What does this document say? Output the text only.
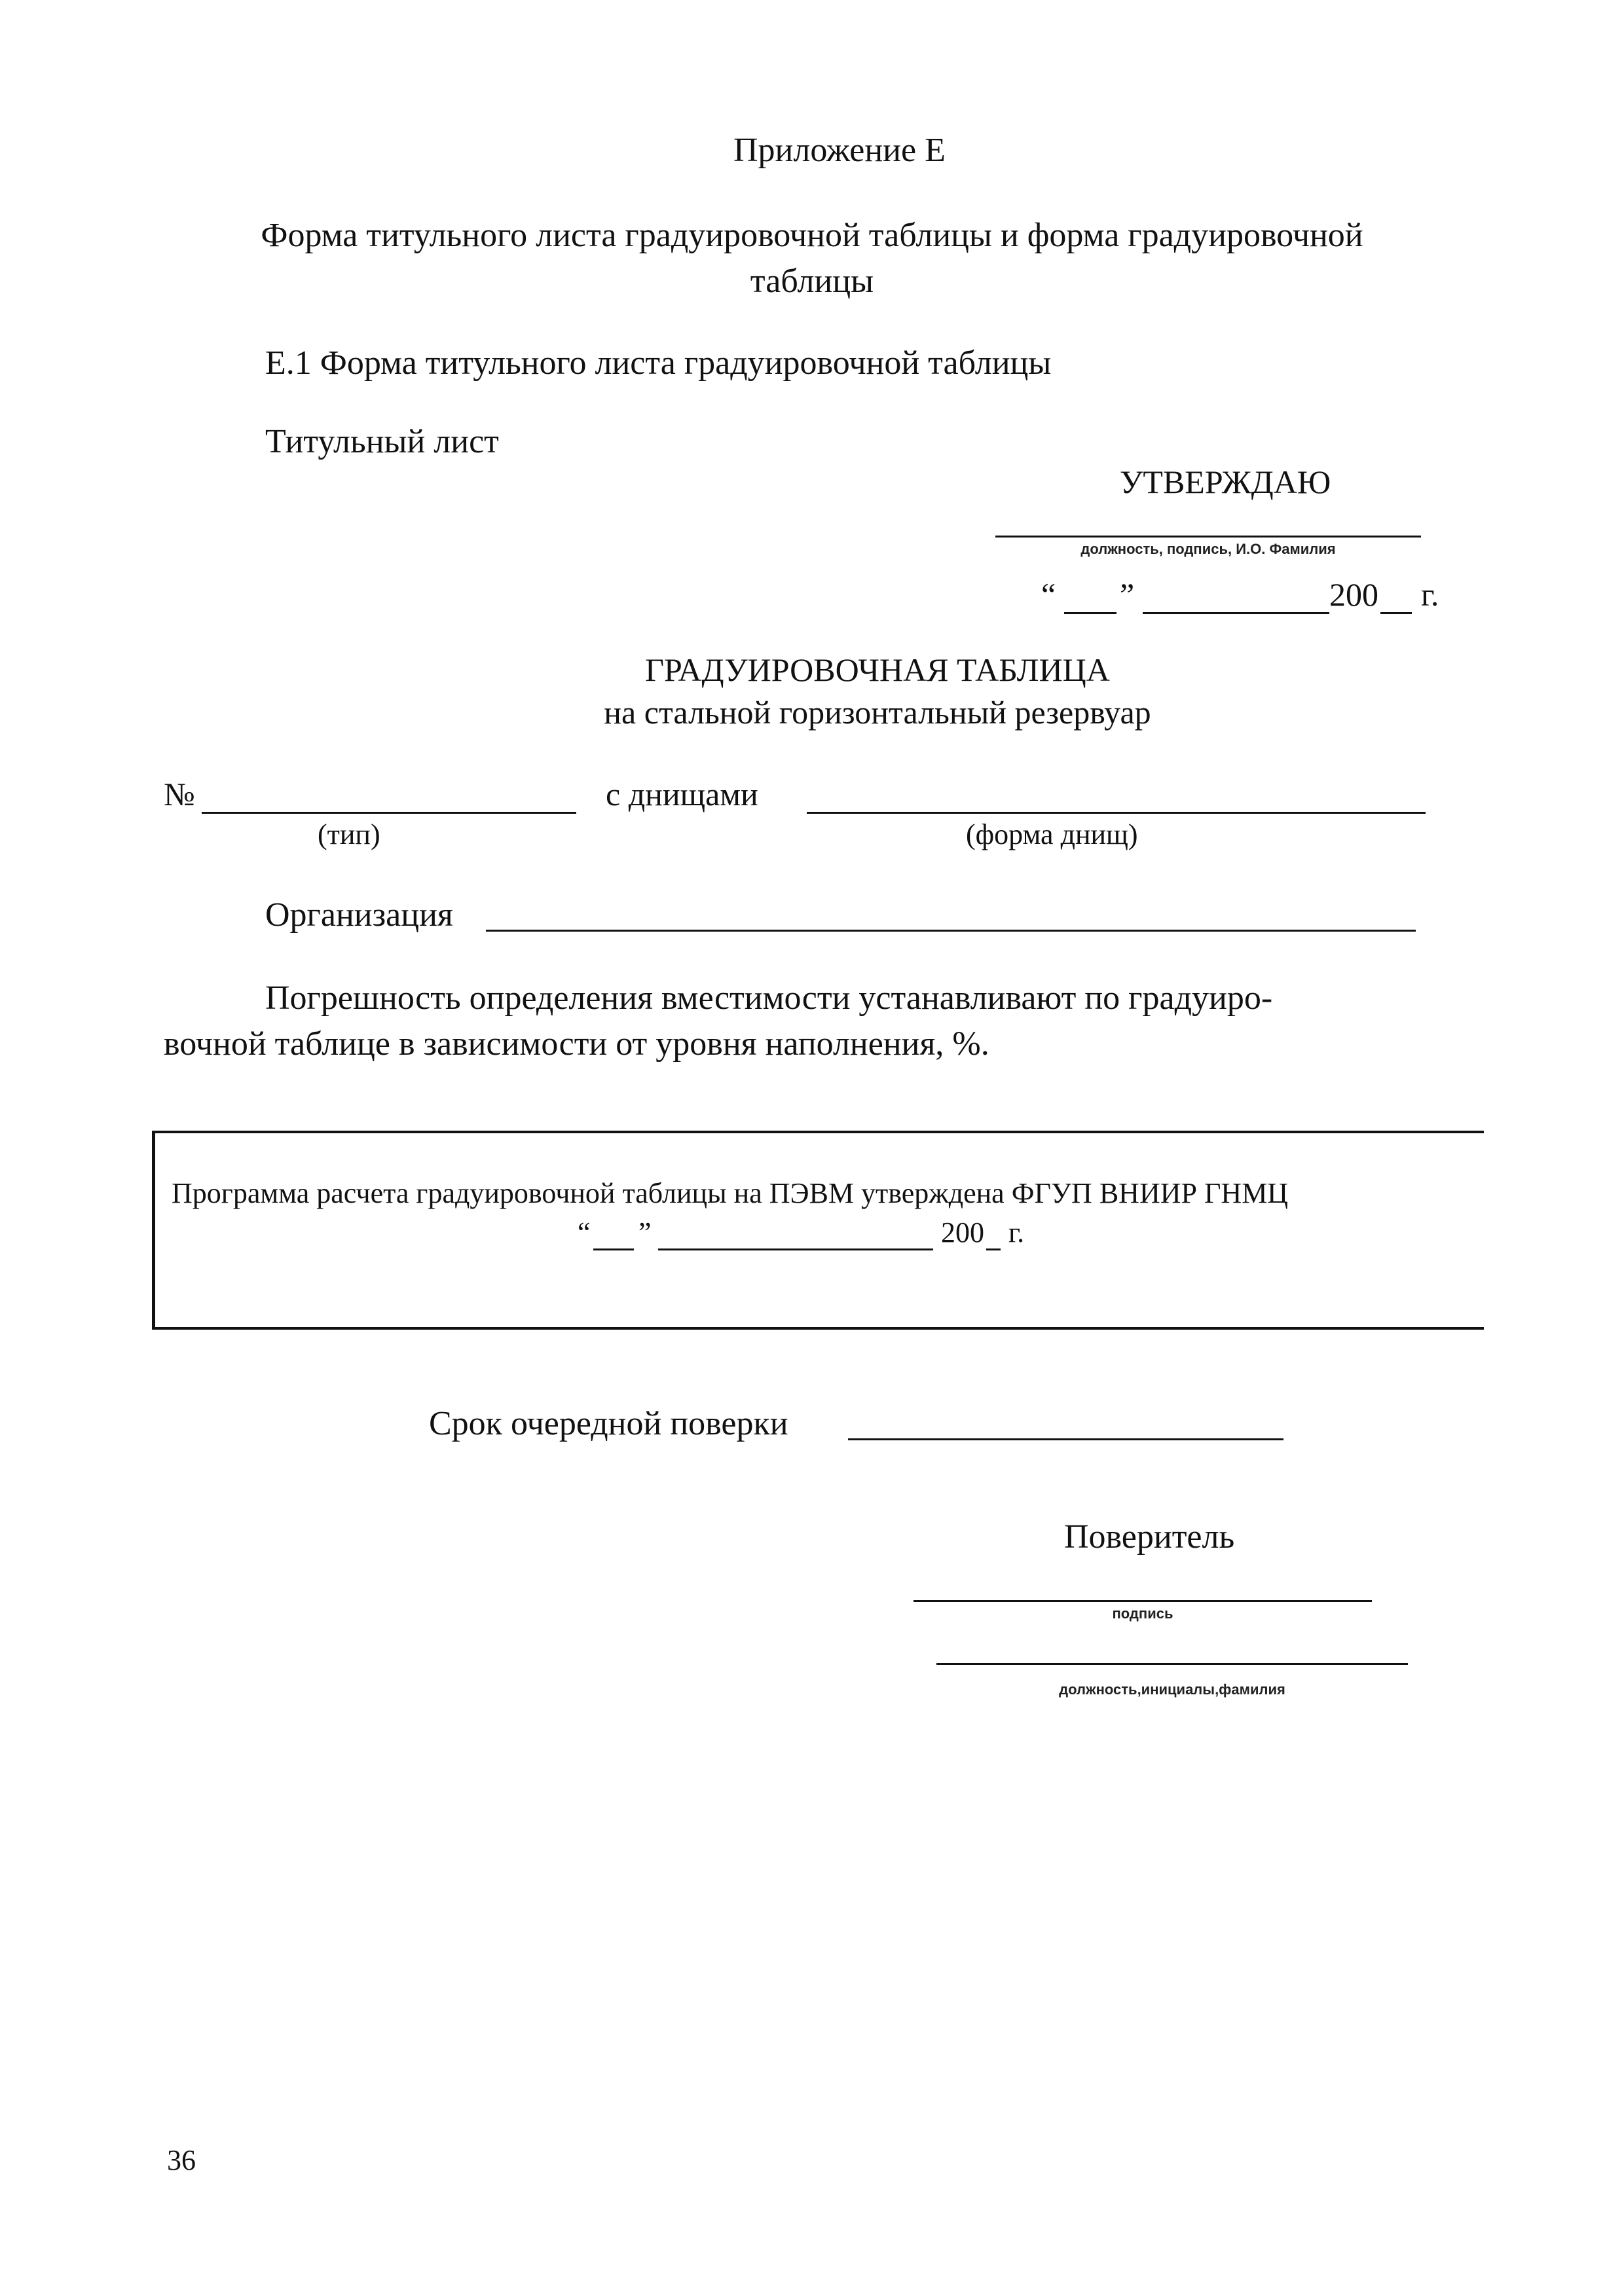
Приложение Е
Форма титульного листа градуировочной таблицы и форма градуировочной
таблицы
Е.1 Форма титульного листа градуировочной таблицы
Титульный лист
УТВЕРЖДАЮ
должность, подпись, И.О. Фамилия
“ ”	200 г.
ГРАДУИРОВОЧНАЯ ТАБЛИЦА
на стальной горизонтальный резервуар
№	с днищами
(тип)	(форма днищ)
Организация
Погрешность определения вместимости устанавливают по градуиро-
вочной таблице в зависимости от уровня наполнения, %.
Программа расчета градуировочной таблицы на ПЭВМ утверждена ФГУП ВНИИР ГНМЦ
“ ”	200 г.
Срок очередной поверки
Поверитель
подпись
должность,инициалы,фамилия
36
